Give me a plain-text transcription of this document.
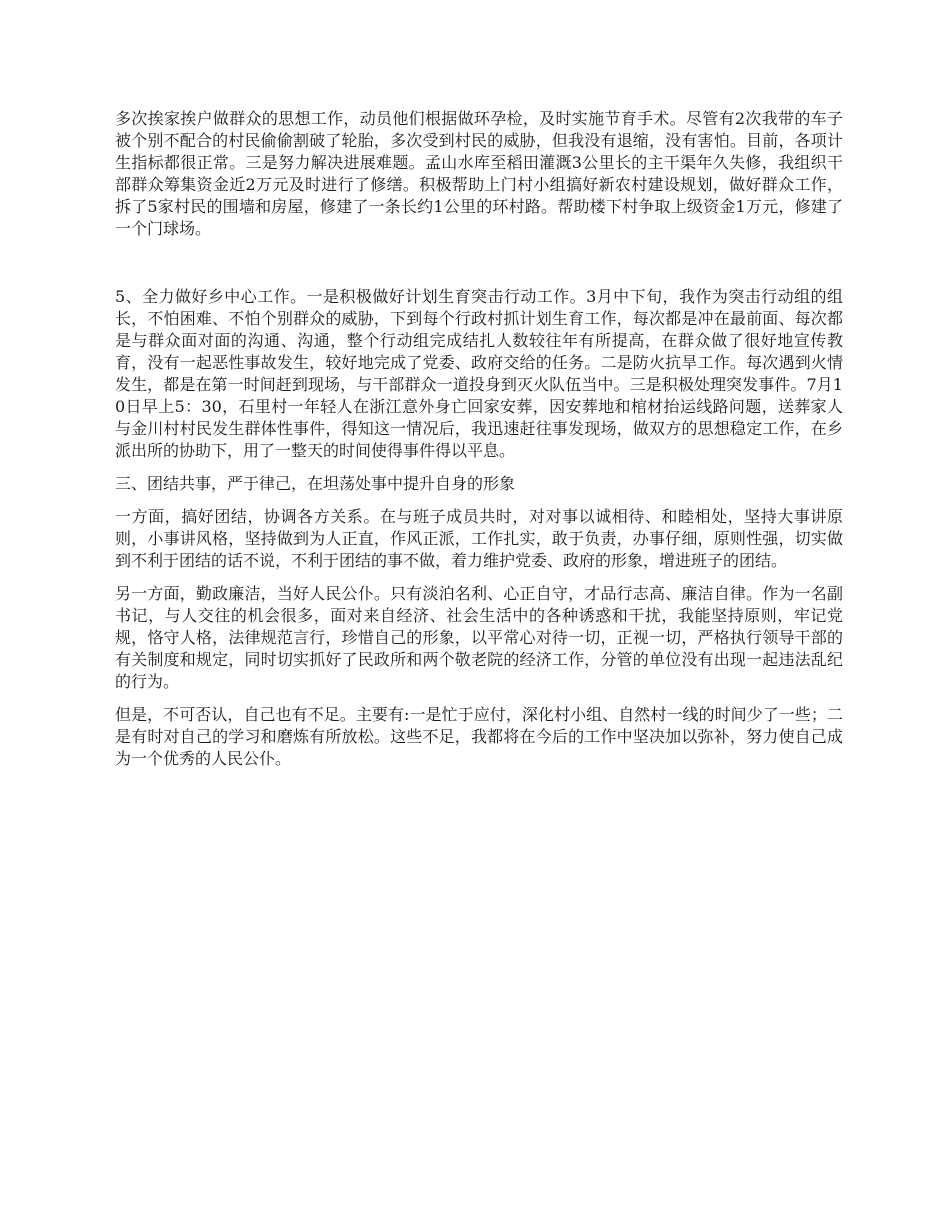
多次挨家挨户做群众的思想工作，动员他们根据做环孕检，及时实施节育手术。尽管有2次我带的车子被个别不配合的村民偷偷割破了轮胎，多次受到村民的威胁，但我没有退缩，没有害怕。目前，各项计生指标都很正常。三是努力解决进展难题。孟山水库至稻田灌溉3公里长的主干渠年久失修，我组织干部群众筹集资金近2万元及时进行了修缮。积极帮助上门村小组搞好新农村建设规划，做好群众工作，拆了5家村民的围墙和房屋，修建了一条长约1公里的环村路。帮助楼下村争取上级资金1万元，修建了一个门球场。

5、全力做好乡中心工作。一是积极做好计划生育突击行动工作。3月中下旬，我作为突击行动组的组长，不怕困难、不怕个别群众的威胁，下到每个行政村抓计划生育工作，每次都是冲在最前面、每次都是与群众面对面的沟通、沟通，整个行动组完成结扎人数较往年有所提高，在群众做了很好地宣传教育，没有一起恶性事故发生，较好地完成了党委、政府交给的任务。二是防火抗旱工作。每次遇到火情发生，都是在第一时间赶到现场，与干部群众一道投身到灭火队伍当中。三是积极处理突发事件。7月10日早上5：30，石里村一年轻人在浙江意外身亡回家安葬，因安葬地和棺材抬运线路问题，送葬家人与金川村村民发生群体性事件，得知这一情况后，我迅速赶往事发现场，做双方的思想稳定工作，在乡派出所的协助下，用了一整天的时间使得事件得以平息。

三、团结共事，严于律己，在坦荡处事中提升自身的形象

一方面，搞好团结，协调各方关系。在与班子成员共时，对对事以诚相待、和睦相处，坚持大事讲原则，小事讲风格，坚持做到为人正直，作风正派，工作扎实，敢于负责，办事仔细，原则性强，切实做到不利于团结的话不说，不利于团结的事不做，着力维护党委、政府的形象，增进班子的团结。

另一方面，勤政廉洁，当好人民公仆。只有淡泊名利、心正自守，才品行志高、廉洁自律。作为一名副书记，与人交往的机会很多，面对来自经济、社会生活中的各种诱惑和干扰，我能坚持原则，牢记党规，恪守人格，法律规范言行，珍惜自己的形象，以平常心对待一切，正视一切，严格执行领导干部的有关制度和规定，同时切实抓好了民政所和两个敬老院的经济工作，分管的单位没有出现一起违法乱纪的行为。

但是，不可否认，自己也有不足。主要有:一是忙于应付，深化村小组、自然村一线的时间少了一些；二是有时对自己的学习和磨炼有所放松。这些不足，我都将在今后的工作中坚决加以弥补，努力使自己成为一个优秀的人民公仆。
